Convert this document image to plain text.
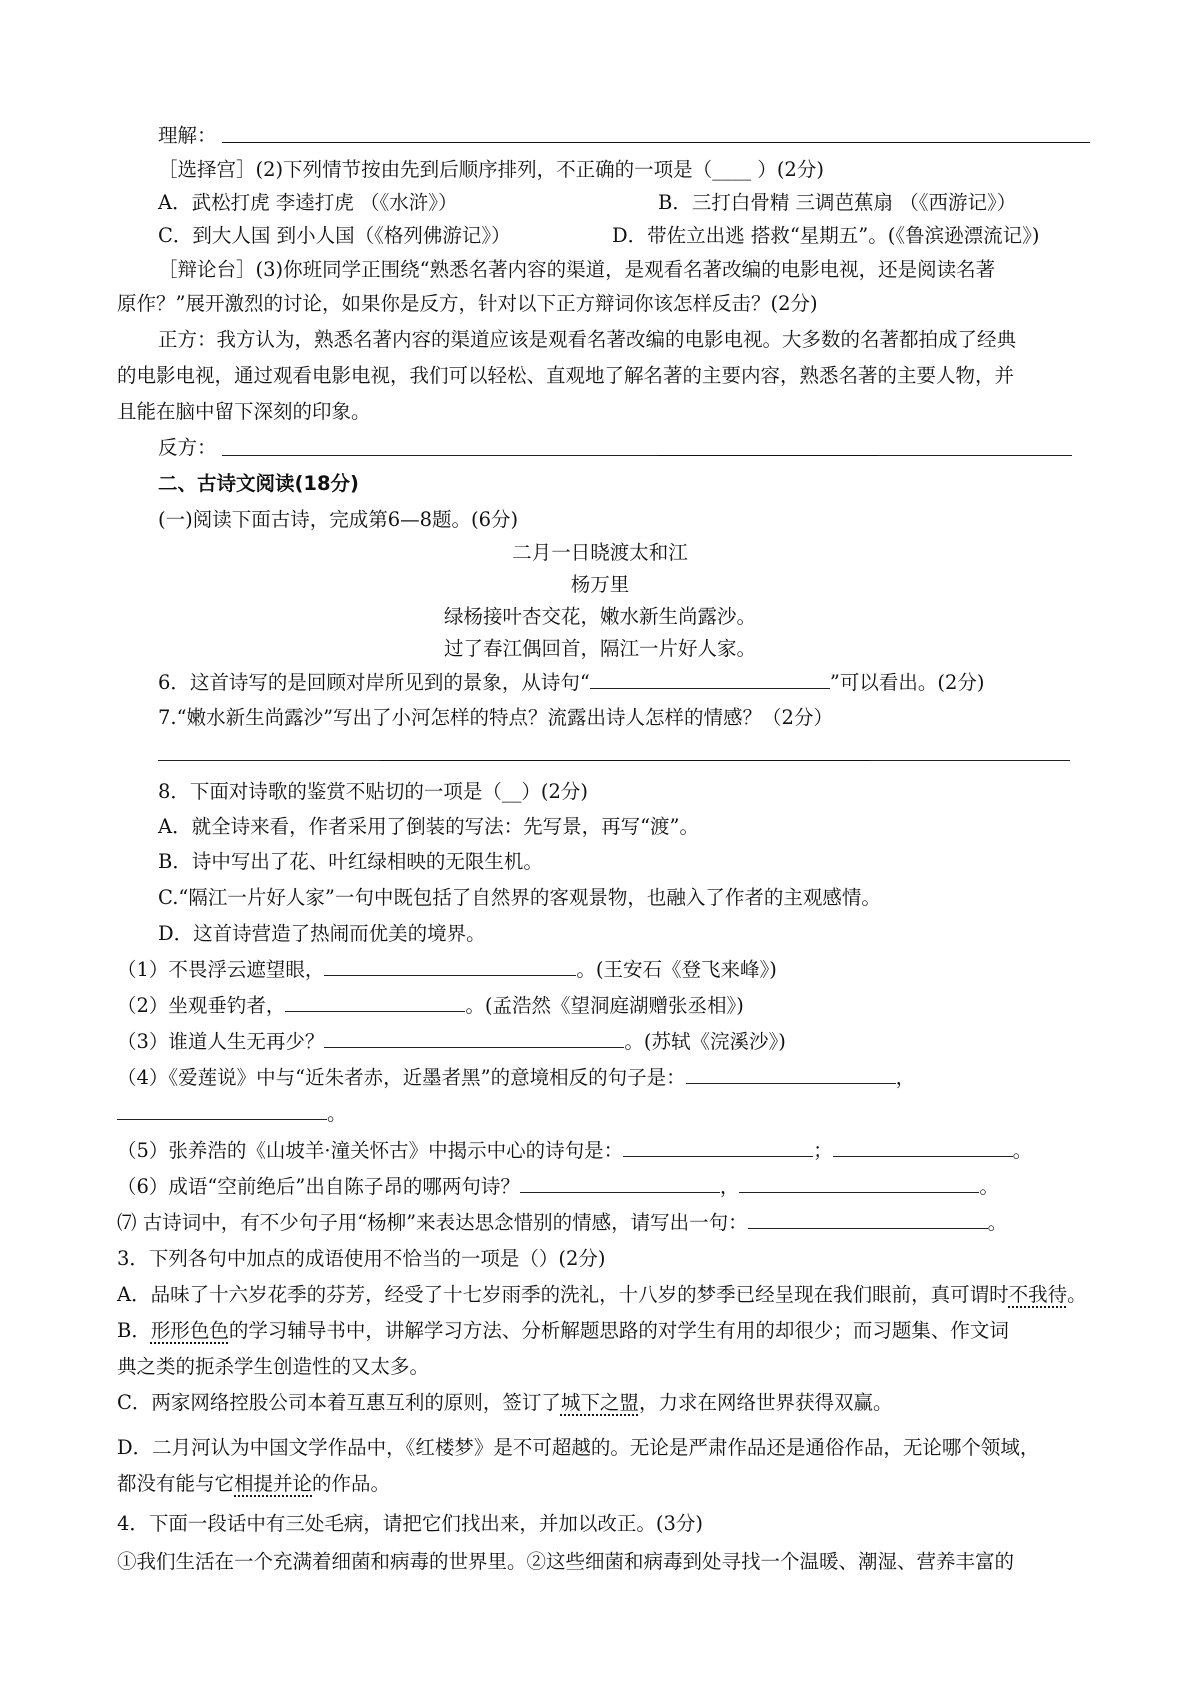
理解：
［选择宫］(2)下列情节按由先到后顺序排列，不正确的一项是（____ ）(2分)
A．武松打虎 李逵打虎 （《水浒》）	B．三打白骨精 三调芭蕉扇 （《西游记》）
C．到大人国 到小人国（《格列佛游记》）	D．带佐立出逃 搭救“星期五”。(《鲁滨逊漂流记》)
［辩论台］(3)你班同学正围绕“熟悉名著内容的渠道，是观看名著改编的电影电视，还是阅读名著
原作？”展开激烈的讨论，如果你是反方，针对以下正方辩词你该怎样反击？(2分)
正方：我方认为，熟悉名著内容的渠道应该是观看名著改编的电影电视。大多数的名著都拍成了经典
的电影电视，通过观看电影电视，我们可以轻松、直观地了解名著的主要内容，熟悉名著的主要人物，并
且能在脑中留下深刻的印象。
反方：
二、古诗文阅读(18分)
(一)阅读下面古诗，完成第6—8题。(6分)
二月一日晓渡太和江
杨万里
绿杨接叶杏交花，嫩水新生尚露沙。
过了春江偶回首，隔江一片好人家。
6．这首诗写的是回顾对岸所见到的景象，从诗句“	”可以看出。(2分)
7.“嫩水新生尚露沙”写出了小河怎样的特点？流露出诗人怎样的情感？（2分）
8．下面对诗歌的鉴赏不贴切的一项是（__）(2分)
A．就全诗来看，作者采用了倒装的写法：先写景，再写“渡”。
B．诗中写出了花、叶红绿相映的无限生机。
C.“隔江一片好人家”一句中既包括了自然界的客观景物，也融入了作者的主观感情。
D．这首诗营造了热闹而优美的境界。
（1）不畏浮云遮望眼，	。(王安石《登飞来峰》)
（2）坐观垂钓者，	。(孟浩然《望洞庭湖赠张丞相》)
（3）谁道人生无再少？	。(苏轼《浣溪沙》)
（4）《爱莲说》中与“近朱者赤，近墨者黑”的意境相反的句子是：	，
。
（5）张养浩的《山坡羊·潼关怀古》中揭示中心的诗句是：	；	。
（6）成语“空前绝后”出自陈子昂的哪两句诗？	，	。
⑺ 古诗词中，有不少句子用“杨柳”来表达思念惜别的情感，请写出一句：	。
3．下列各句中加点的成语使用不恰当的一项是（）(2分)
A．品味了十六岁花季的芬芳，经受了十七岁雨季的洗礼，十八岁的梦季已经呈现在我们眼前，真可谓时不我待。
B．形形色色的学习辅导书中，讲解学习方法、分析解题思路的对学生有用的却很少；而习题集、作文词
典之类的扼杀学生创造性的又太多。
C．两家网络控股公司本着互惠互利的原则，签订了城下之盟，力求在网络世界获得双赢。
D．二月河认为中国文学作品中，《红楼梦》是不可超越的。无论是严肃作品还是通俗作品，无论哪个领域，
都没有能与它相提并论的作品。
4．下面一段话中有三处毛病，请把它们找出来，并加以改正。(3分)
①我们生活在一个充满着细菌和病毒的世界里。②这些细菌和病毒到处寻找一个温暖、潮湿、营养丰富的
